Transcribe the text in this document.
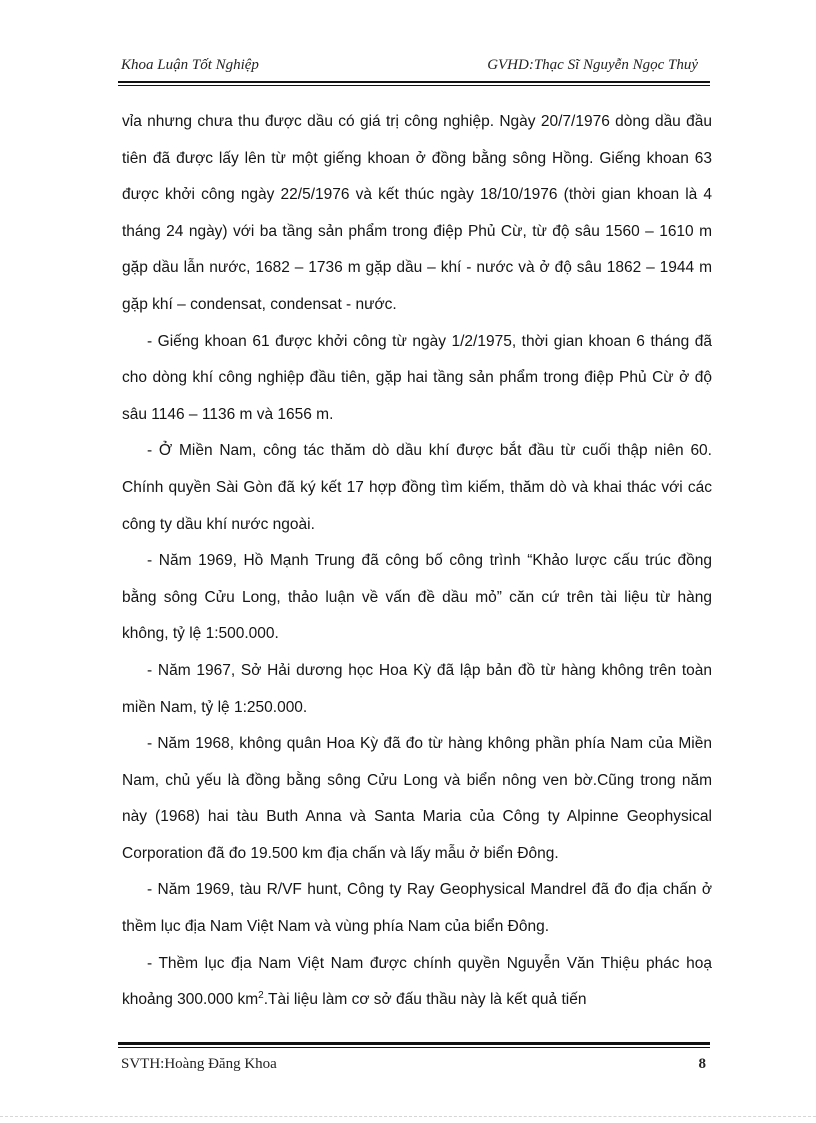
Khoa Luận Tốt Nghiệp	GVHD:Thạc Sĩ Nguyễn Ngọc Thuỷ

vỉa nhưng chưa thu được dầu có giá trị công nghiệp. Ngày 20/7/1976 dòng dầu đầu tiên đã được lấy lên từ một giếng khoan ở đồng bằng sông Hồng. Giếng khoan 63 được khởi công ngày 22/5/1976 và kết thúc ngày 18/10/1976 (thời gian khoan là 4 tháng 24 ngày) với ba tầng sản phẩm trong điệp Phủ Cừ, từ độ sâu 1560 – 1610 m gặp dầu lẫn nước, 1682 – 1736 m gặp dầu – khí - nước và ở độ sâu 1862 – 1944 m gặp khí – condensat, condensat - nước.

- Giếng khoan 61 được khởi công từ ngày 1/2/1975, thời gian khoan 6 tháng đã cho dòng khí công nghiệp đầu tiên, gặp hai tầng sản phẩm trong điệp Phủ Cừ ở độ sâu 1146 – 1136 m và 1656 m.

- Ở Miền Nam, công tác thăm dò dầu khí được bắt đầu từ cuối thập niên 60. Chính quyền Sài Gòn đã ký kết 17 hợp đồng tìm kiếm, thăm dò và khai thác với các công ty dầu khí nước ngoài.

- Năm 1969, Hồ Mạnh Trung đã công bố công trình “Khảo lược cấu trúc đồng bằng sông Cửu Long, thảo luận về vấn đề dầu mỏ” căn cứ trên tài liệu từ hàng không, tỷ lệ 1:500.000.

- Năm 1967, Sở Hải dương học Hoa Kỳ đã lập bản đồ từ hàng không trên toàn miền Nam, tỷ lệ 1:250.000.

- Năm 1968, không quân Hoa Kỳ đã đo từ hàng không phần phía Nam của Miền Nam, chủ yếu là đồng bằng sông Cửu Long và biển nông ven bờ.Cũng trong năm này (1968) hai tàu Buth Anna và Santa Maria của Công ty Alpinne Geophysical Corporation đã đo 19.500 km địa chấn và lấy mẫu ở biển Đông.

- Năm 1969, tàu R/VF hunt, Công ty Ray Geophysical Mandrel đã đo địa chấn ở thềm lục địa Nam Việt Nam và vùng phía Nam của biển Đông.

- Thềm lục địa Nam Việt Nam được chính quyền Nguyễn Văn Thiệu phác hoạ khoảng 300.000 $km^2.Tài$ liệu làm cơ sở đấu thầu này là kết quả tiến

SVTH:Hoàng Đăng Khoa	8
